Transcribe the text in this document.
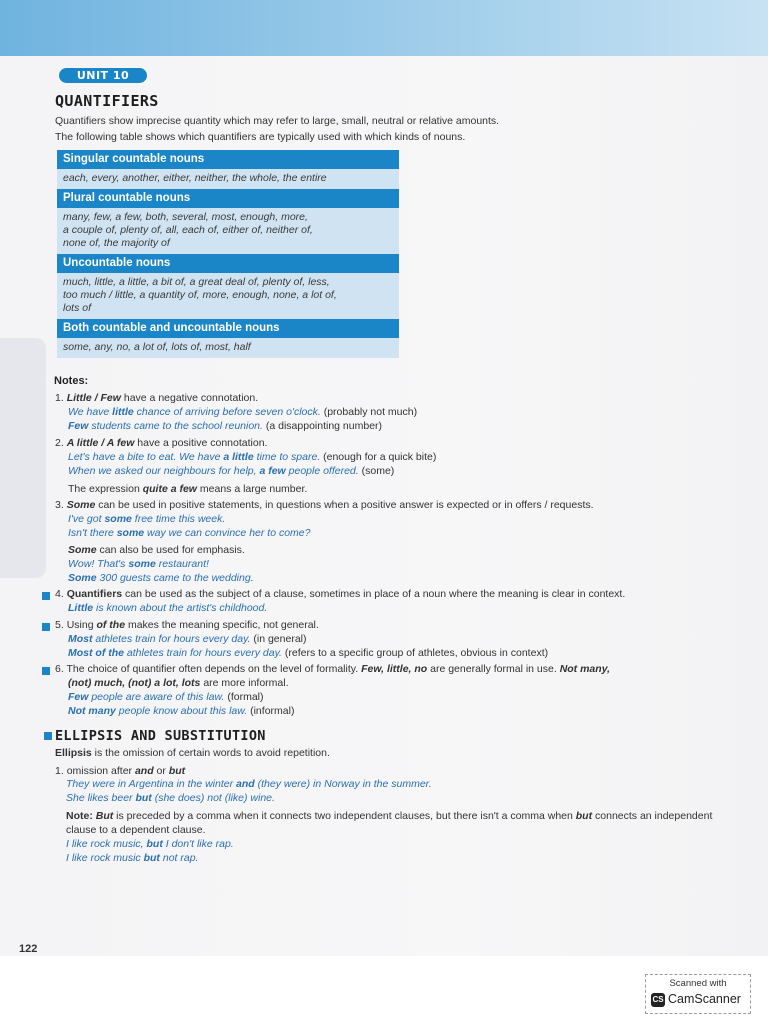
UNIT 10
QUANTIFIERS
Quantifiers show imprecise quantity which may refer to large, small, neutral or relative amounts.
The following table shows which quantifiers are typically used with which kinds of nouns.
Singular countable nouns
each, every, another, either, neither, the whole, the entire
Plural countable nouns
many, few, a few, both, several, most, enough, more,
a couple of, plenty of, all, each of, either of, neither of,
none of, the majority of
Uncountable nouns
much, little, a little, a bit of, a great deal of, plenty of, less,
too much / little, a quantity of, more, enough, none, a lot of,
lots of
Both countable and uncountable nouns
some, any, no, a lot of, lots of, most, half
Notes:
1. Little / Few have a negative connotation.
We have little chance of arriving before seven o'clock. (probably not much)
Few students came to the school reunion. (a disappointing number)
2. A little / A few have a positive connotation.
Let's have a bite to eat. We have a little time to spare. (enough for a quick bite)
When we asked our neighbours for help, a few people offered. (some)
The expression quite a few means a large number.
3. Some can be used in positive statements, in questions when a positive answer is expected or in offers / requests.
I've got some free time this week.
Isn't there some way we can convince her to come?
Some can also be used for emphasis.
Wow! That's some restaurant!
Some 300 guests came to the wedding.
4. Quantifiers can be used as the subject of a clause, sometimes in place of a noun where the meaning is clear in context.
Little is known about the artist's childhood.
5. Using of the makes the meaning specific, not general.
Most athletes train for hours every day. (in general)
Most of the athletes train for hours every day. (refers to a specific group of athletes, obvious in context)
6. The choice of quantifier often depends on the level of formality. Few, little, no are generally formal in use. Not many,
(not) much, (not) a lot, lots are more informal.
Few people are aware of this law. (formal)
Not many people know about this law. (informal)
ELLIPSIS AND SUBSTITUTION
Ellipsis is the omission of certain words to avoid repetition.
1. omission after and or but
They were in Argentina in the winter and (they were) in Norway in the summer.
She likes beer but (she does) not (like) wine.
Note: But is preceded by a comma when it connects two independent clauses, but there isn't a comma when but connects an independent
clause to a dependent clause.
I like rock music, but I don't like rap.
I like rock music but not rap.
122
Scanned with
CS CamScanner
